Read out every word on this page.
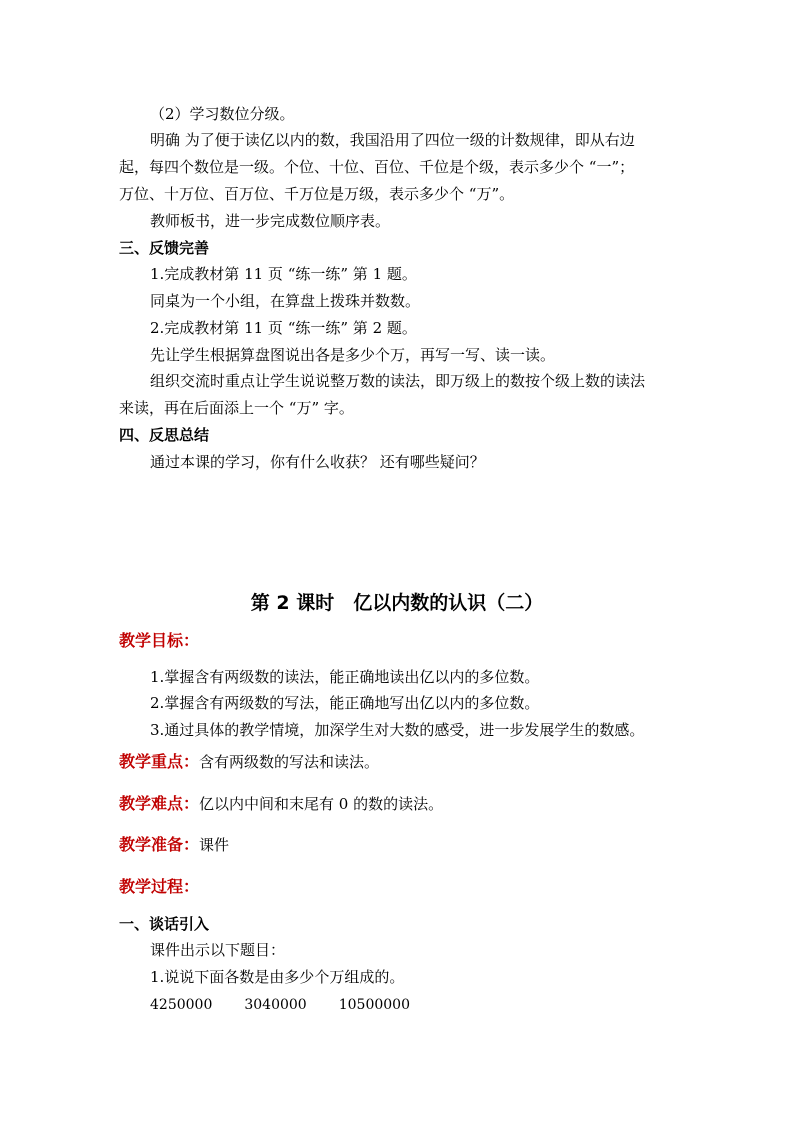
（2）学习数位分级。
明确 为了便于读亿以内的数，我国沿用了四位一级的计数规律，即从右边
起，每四个数位是一级。个位、十位、百位、千位是个级，表示多少个 “一”；
万位、十万位、百万位、千万位是万级，表示多少个 “万”。
教师板书，进一步完成数位顺序表。
三、反馈完善
1.完成教材第 11 页 “练一练” 第 1 题。
同桌为一个小组，在算盘上拨珠并数数。
2.完成教材第 11 页 “练一练” 第 2 题。
先让学生根据算盘图说出各是多少个万，再写一写、读一读。
组织交流时重点让学生说说整万数的读法，即万级上的数按个级上数的读法
来读，再在后面添上一个 “万” 字。
四、反思总结
通过本课的学习，你有什么收获？ 还有哪些疑问？
第 2 课时　亿以内数的认识（二）
教学目标：
1.掌握含有两级数的读法，能正确地读出亿以内的多位数。
2.掌握含有两级数的写法，能正确地写出亿以内的多位数。
3.通过具体的教学情境，加深学生对大数的感受，进一步发展学生的数感。
教学重点：含有两级数的写法和读法。
教学难点：亿以内中间和末尾有 0 的数的读法。
教学准备：课件
教学过程：
一、谈话引入
课件出示以下题目：
1.说说下面各数是由多少个万组成的。
4250000 3040000 10500000
